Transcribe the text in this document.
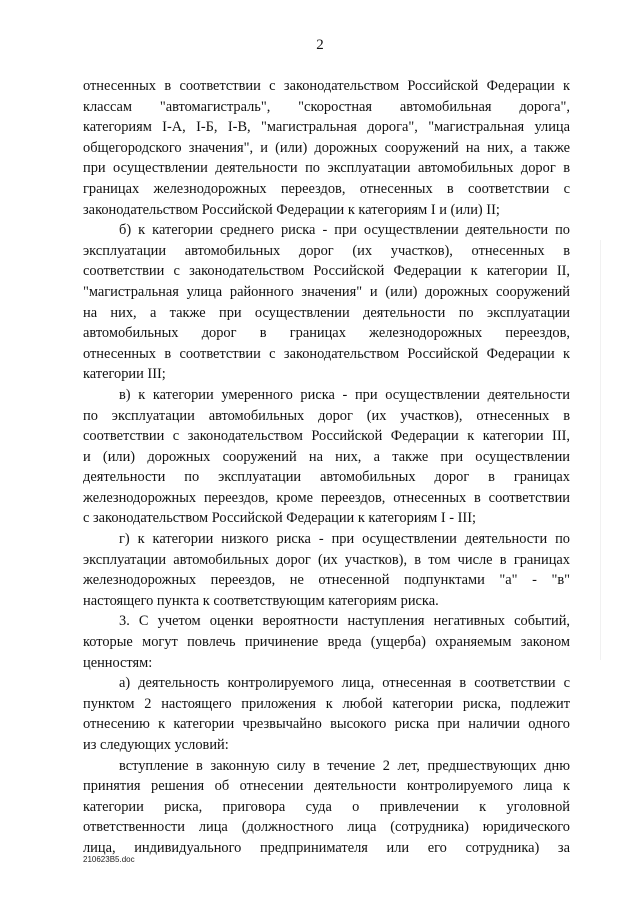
2
отнесенных в соответствии с законодательством Российской Федерации к
классам "автомагистраль", "скоростная автомобильная дорога",
категориям I-А, I-Б, I-В, "магистральная дорога", "магистральная улица
общегородского значения", и (или) дорожных сооружений на них, а также
при осуществлении деятельности по эксплуатации автомобильных дорог в
границах железнодорожных переездов, отнесенных в соответствии с
законодательством Российской Федерации к категориям I и (или) II;
б) к категории среднего риска - при осуществлении деятельности по
эксплуатации автомобильных дорог (их участков), отнесенных в
соответствии с законодательством Российской Федерации к категории II,
"магистральная улица районного значения" и (или) дорожных сооружений
на них, а также при осуществлении деятельности по эксплуатации
автомобильных дорог в границах железнодорожных переездов,
отнесенных в соответствии с законодательством Российской Федерации к
категории III;
в) к категории умеренного риска - при осуществлении деятельности
по эксплуатации автомобильных дорог (их участков), отнесенных в
соответствии с законодательством Российской Федерации к категории III,
и (или) дорожных сооружений на них, а также при осуществлении
деятельности по эксплуатации автомобильных дорог в границах
железнодорожных переездов, кроме переездов, отнесенных в соответствии
с законодательством Российской Федерации к категориям I - III;
г) к категории низкого риска - при осуществлении деятельности по
эксплуатации автомобильных дорог (их участков), в том числе в границах
железнодорожных переездов, не отнесенной подпунктами "а" - "в"
настоящего пункта к соответствующим категориям риска.
3. С учетом оценки вероятности наступления негативных событий,
которые могут повлечь причинение вреда (ущерба) охраняемым законом
ценностям:
а) деятельность контролируемого лица, отнесенная в соответствии с
пунктом 2 настоящего приложения к любой категории риска, подлежит
отнесению к категории чрезвычайно высокого риска при наличии одного
из следующих условий:
вступление в законную силу в течение 2 лет, предшествующих дню
принятия решения об отнесении деятельности контролируемого лица к
категории риска, приговора суда о привлечении к уголовной
ответственности лица (должностного лица (сотрудника) юридического
лица, индивидуального предпринимателя или его сотрудника) за
210623B5.doc
